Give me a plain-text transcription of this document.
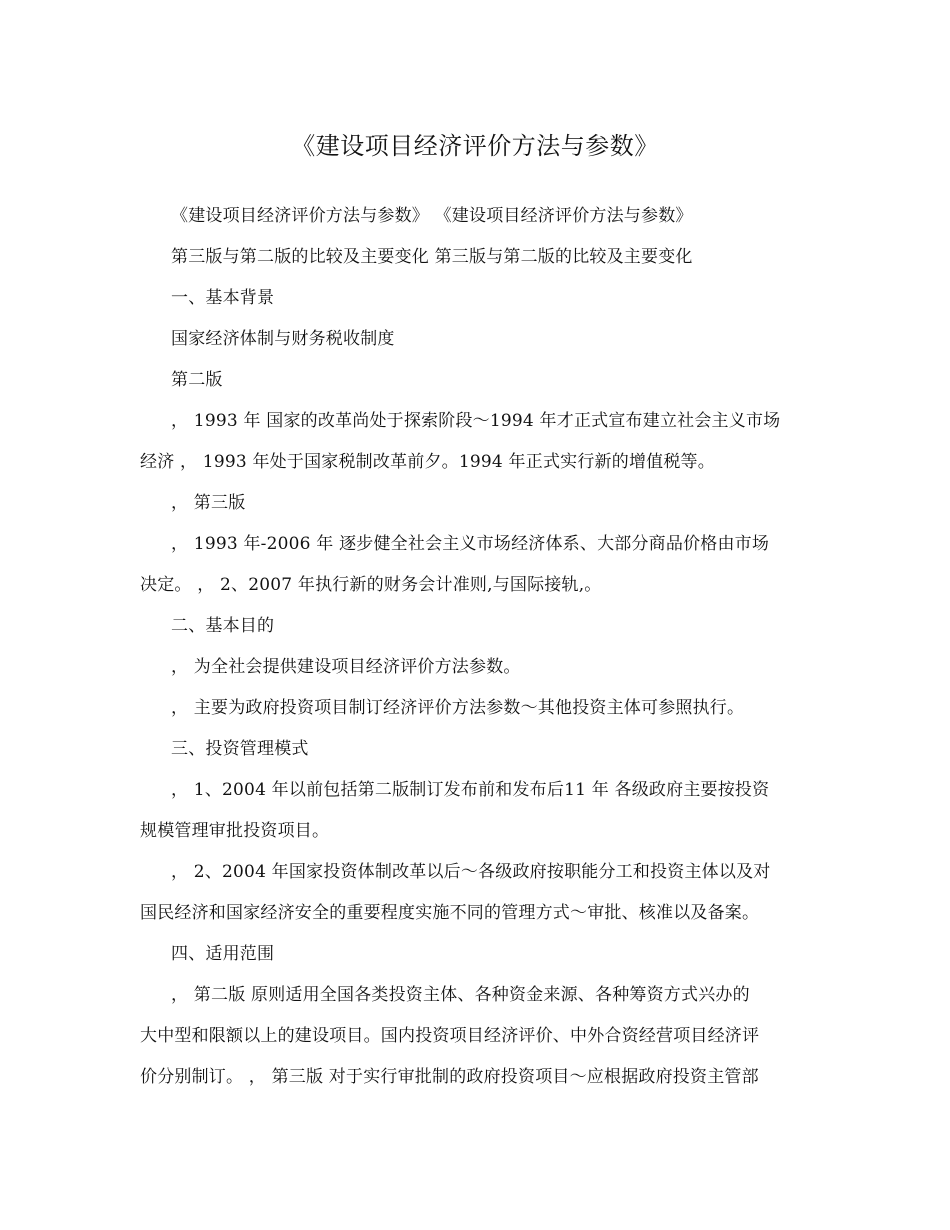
《建设项目经济评价方法与参数》
《建设项目经济评价方法与参数》 《建设项目经济评价方法与参数》
第三版与第二版的比较及主要变化 第三版与第二版的比较及主要变化
一、基本背景
国家经济体制与财务税收制度
第二版
， 1993 年 国家的改革尚处于探索阶段～1994 年才正式宣布建立社会主义市场
经济 ， 1993 年处于国家税制改革前夕。1994 年正式实行新的增值税等。
， 第三版
， 1993 年-2006 年 逐步健全社会主义市场经济体系、大部分商品价格由市场
决定。 ， 2、2007 年执行新的财务会计准则,与国际接轨,。
二、基本目的
， 为全社会提供建设项目经济评价方法参数。
， 主要为政府投资项目制订经济评价方法参数～其他投资主体可参照执行。
三、投资管理模式
， 1、2004 年以前包括第二版制订发布前和发布后11 年 各级政府主要按投资
规模管理审批投资项目。
， 2、2004 年国家投资体制改革以后～各级政府按职能分工和投资主体以及对
国民经济和国家经济安全的重要程度实施不同的管理方式～审批、核准以及备案。
四、适用范围
， 第二版 原则适用全国各类投资主体、各种资金来源、各种筹资方式兴办的
大中型和限额以上的建设项目。国内投资项目经济评价、中外合资经营项目经济评
价分别制订。 ， 第三版 对于实行审批制的政府投资项目～应根据政府投资主管部
